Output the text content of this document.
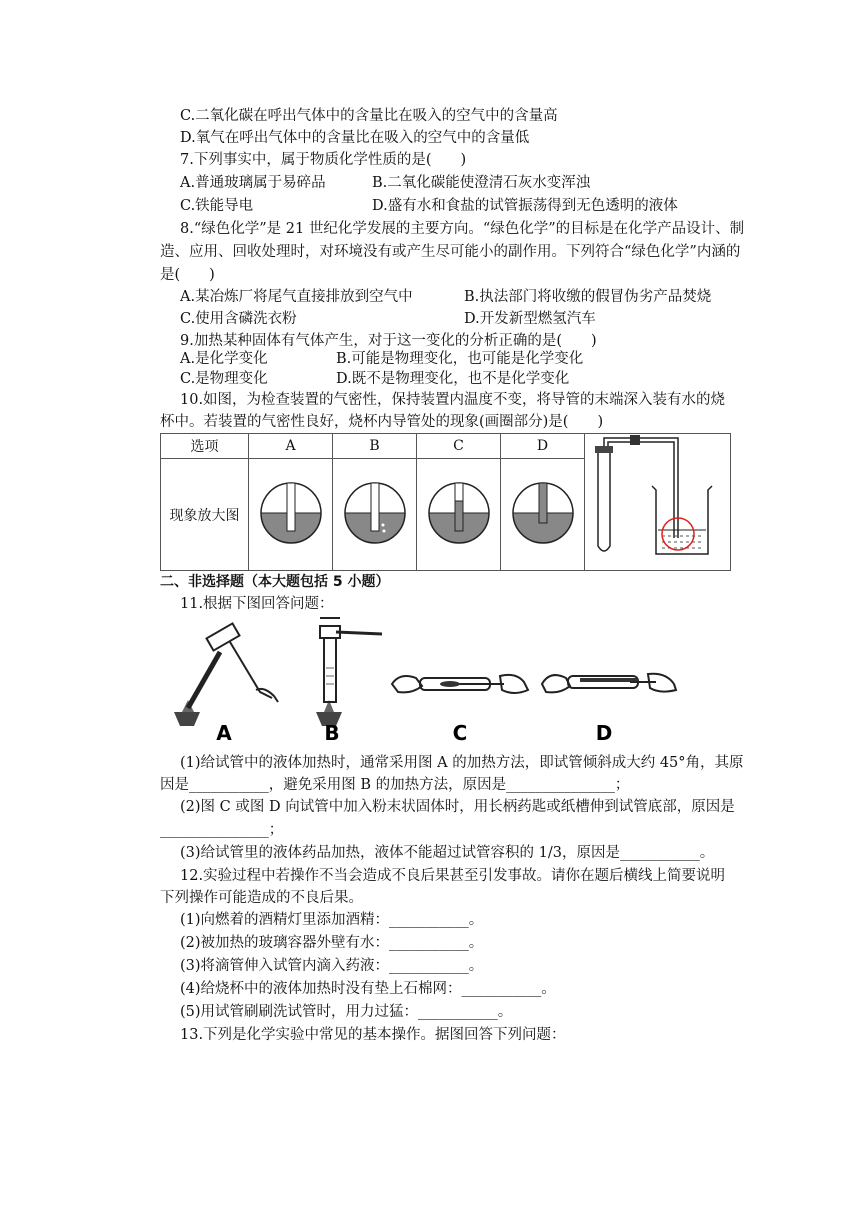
C.二氧化碳在呼出气体中的含量比在吸入的空气中的含量高
D.氧气在呼出气体中的含量比在吸入的空气中的含量低
7.下列事实中，属于物质化学性质的是(　　)
A.普通玻璃属于易碎品	B.二氧化碳能使澄清石灰水变浑浊
C.铁能导电	D.盛有水和食盐的试管振荡得到无色透明的液体
8.“绿色化学”是 21 世纪化学发展的主要方向。“绿色化学”的目标是在化学产品设计、制
造、应用、回收处理时，对环境没有或产生尽可能小的副作用。下列符合“绿色化学”内涵的
是(　　)
A.某冶炼厂将尾气直接排放到空气中	B.执法部门将收缴的假冒伪劣产品焚烧
C.使用含磷洗衣粉	D.开发新型燃氢汽车
9.加热某种固体有气体产生，对于这一变化的分析正确的是(　　)
A.是化学变化	B.可能是物理变化，也可能是化学变化
C.是物理变化	D.既不是物理变化，也不是化学变化
10.如图，为检查装置的气密性，保持装置内温度不变，将导管的末端深入装有水的烧
杯中。若装置的气密性良好，烧杯内导管处的现象(画圈部分)是(　　)
选项	A	B	C	D	
现象放大图				
二、非选择题（本大题包括 5 小题）
11.根据下图回答问题：
A	B	C	D
(1)给试管中的液体加热时，通常采用图 A 的加热方法，即试管倾斜成大约 45°角，其原
因是___________，避免采用图 B 的加热方法，原因是_______________；
(2)图 C 或图 D 向试管中加入粉末状固体时，用长柄药匙或纸槽伸到试管底部，原因是
_______________；
(3)给试管里的液体药品加热，液体不能超过试管容积的 1/3，原因是___________。
12.实验过程中若操作不当会造成不良后果甚至引发事故。请你在题后横线上简要说明
下列操作可能造成的不良后果。
(1)向燃着的酒精灯里添加酒精：___________。
(2)被加热的玻璃容器外壁有水：___________。
(3)将滴管伸入试管内滴入药液：___________。
(4)给烧杯中的液体加热时没有垫上石棉网：___________。
(5)用试管刷刷洗试管时，用力过猛：___________。
13.下列是化学实验中常见的基本操作。据图回答下列问题：
